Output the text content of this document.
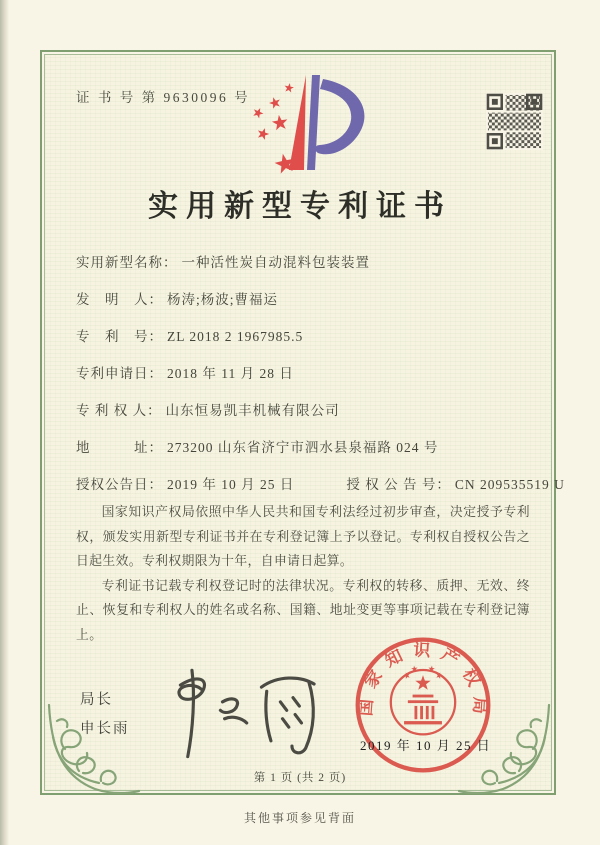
证 书 号 第 9630096 号
实用新型专利证书
实用新型名称： 一种活性炭自动混料包装装置
发　明　人： 杨涛;杨波;曹福运
专　利　号： ZL 2018 2 1967985.5
专利申请日： 2018 年 11 月 28 日
专 利 权 人： 山东恒易凯丰机械有限公司
地　　　址： 273200 山东省济宁市泗水县泉福路 024 号
授权公告日： 2019 年 10 月 25 日	授 权 公 告 号： CN 209535519 U

国家知识产权局依照中华人民共和国专利法经过初步审查，决定授予专利权，颁发实用新型专利证书并在专利登记簿上予以登记。专利权自授权公告之日起生效。专利权期限为十年，自申请日起算。

专利证书记载专利权登记时的法律状况。专利权的转移、质押、无效、终止、恢复和专利权人的姓名或名称、国籍、地址变更等事项记载在专利登记簿上。

局长
申长雨
国家知识产权局
2019 年 10 月 25 日
第 1 页 (共 2 页)
其他事项参见背面
